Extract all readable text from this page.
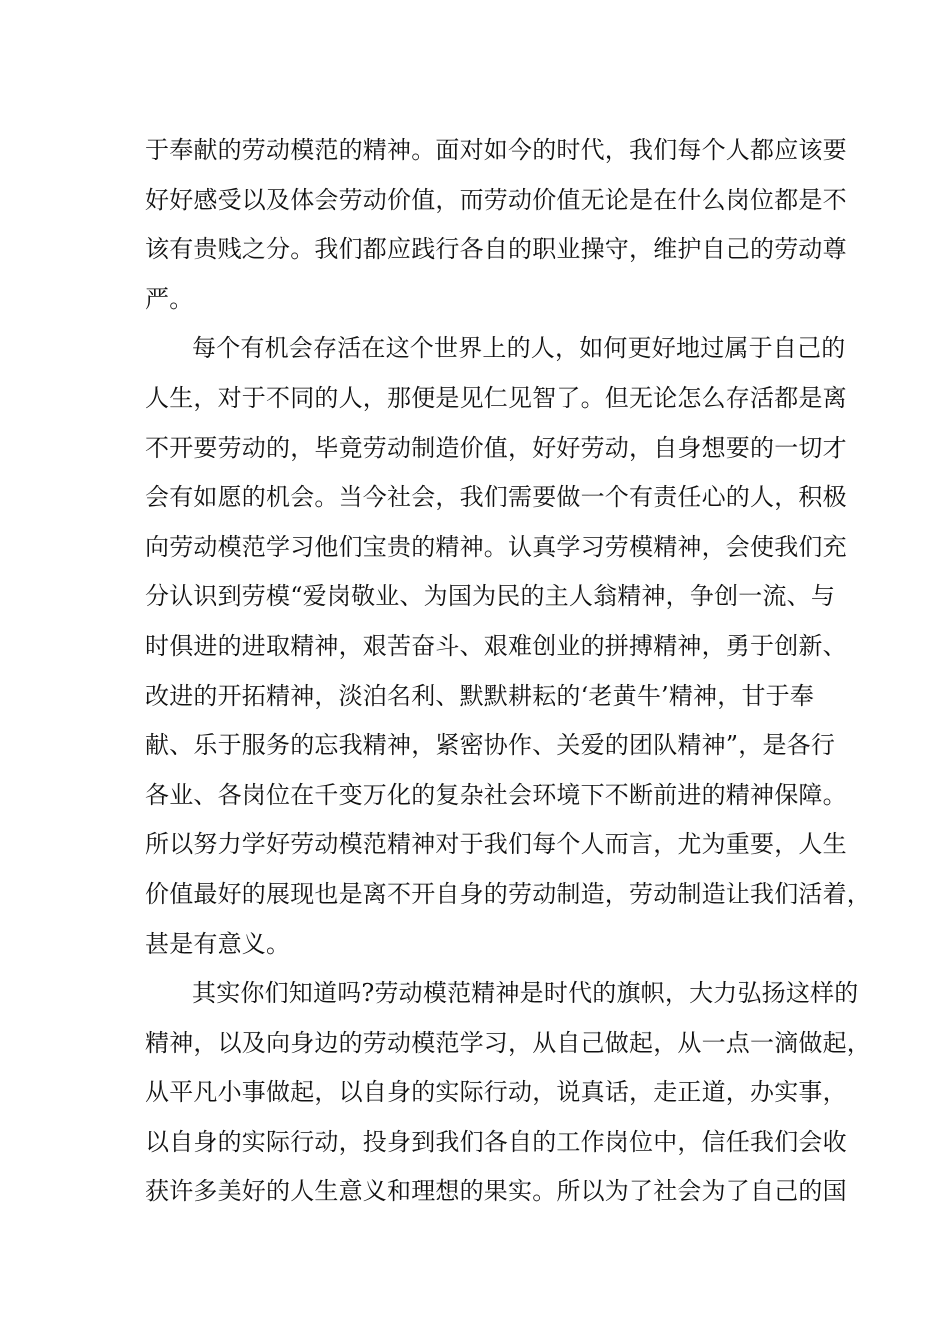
于奉献的劳动模范的精神。面对如今的时代，我们每个人都应该要
好好感受以及体会劳动价值，而劳动价值无论是在什么岗位都是不
该有贵贱之分。我们都应践行各自的职业操守，维护自己的劳动尊
严。
每个有机会存活在这个世界上的人，如何更好地过属于自己的
人生，对于不同的人，那便是见仁见智了。但无论怎么存活都是离
不开要劳动的，毕竟劳动制造价值，好好劳动，自身想要的一切才
会有如愿的机会。当今社会，我们需要做一个有责任心的人，积极
向劳动模范学习他们宝贵的精神。认真学习劳模精神，会使我们充
分认识到劳模“爱岗敬业、为国为民的主人翁精神，争创一流、与
时俱进的进取精神，艰苦奋斗、艰难创业的拼搏精神，勇于创新、
改进的开拓精神，淡泊名利、默默耕耘的‘老黄牛’精神，甘于奉
献、乐于服务的忘我精神，紧密协作、关爱的团队精神”，是各行
各业、各岗位在千变万化的复杂社会环境下不断前进的精神保障。
所以努力学好劳动模范精神对于我们每个人而言，尤为重要，人生
价值最好的展现也是离不开自身的劳动制造，劳动制造让我们活着，
甚是有意义。
其实你们知道吗?劳动模范精神是时代的旗帜，大力弘扬这样的
精神，以及向身边的劳动模范学习，从自己做起，从一点一滴做起，
从平凡小事做起，以自身的实际行动，说真话，走正道，办实事，
以自身的实际行动，投身到我们各自的工作岗位中，信任我们会收
获许多美好的人生意义和理想的果实。所以为了社会为了自己的国
